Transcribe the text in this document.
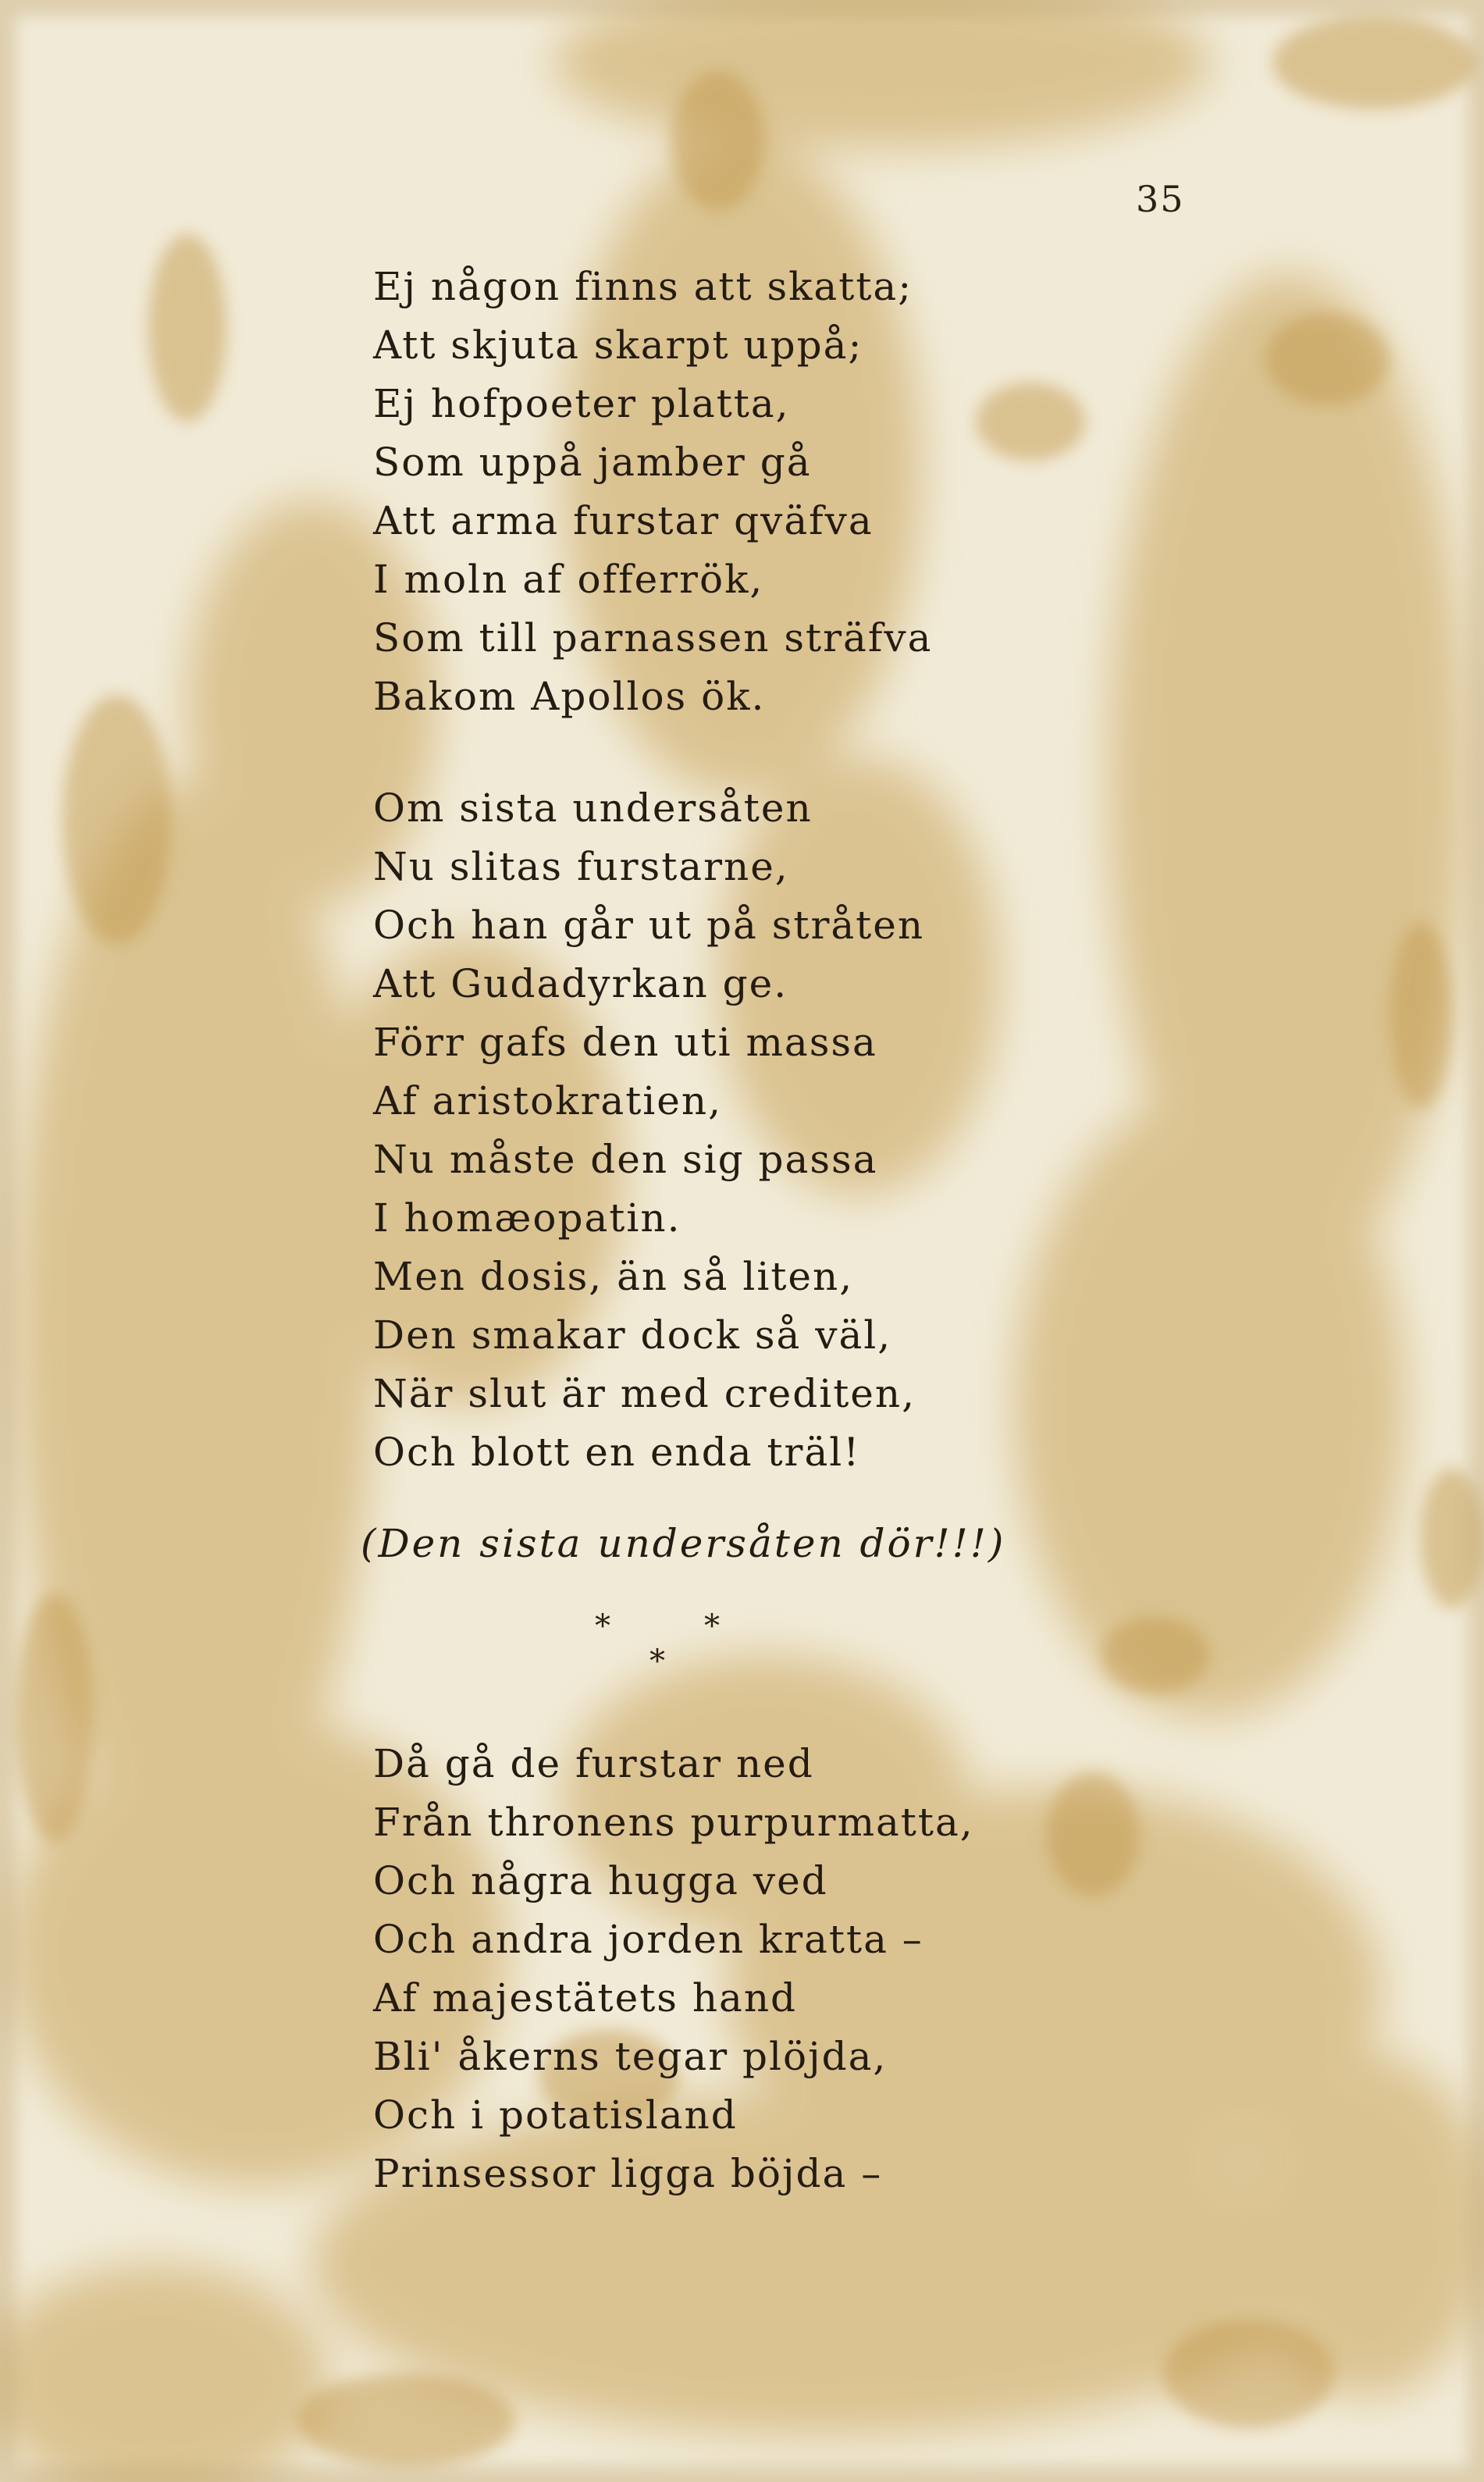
35
Ej någon finns att skatta;
Att skjuta skarpt uppå;
Ej hofpoeter platta,
Som uppå jamber gå
Att arma furstar qväfva
I moln af offerrök,
Som till parnassen sträfva
Bakom Apollos ök.
Om sista undersåten
Nu slitas furstarne,
Och han går ut på stråten
Att Gudadyrkan ge.
Förr gafs den uti massa
Af aristokratien,
Nu måste den sig passa
I homæopatin.
Men dosis, än så liten,
Den smakar dock så väl,
När slut är med crediten,
Och blott en enda träl!
(Den sista undersåten dör!!!)
*	*
*
Då gå de furstar ned
Från thronens purpurmatta,
Och några hugga ved
Och andra jorden kratta –
Af majestätets hand
Bli' åkerns tegar plöjda,
Och i potatisland
Prinsessor ligga böjda –
